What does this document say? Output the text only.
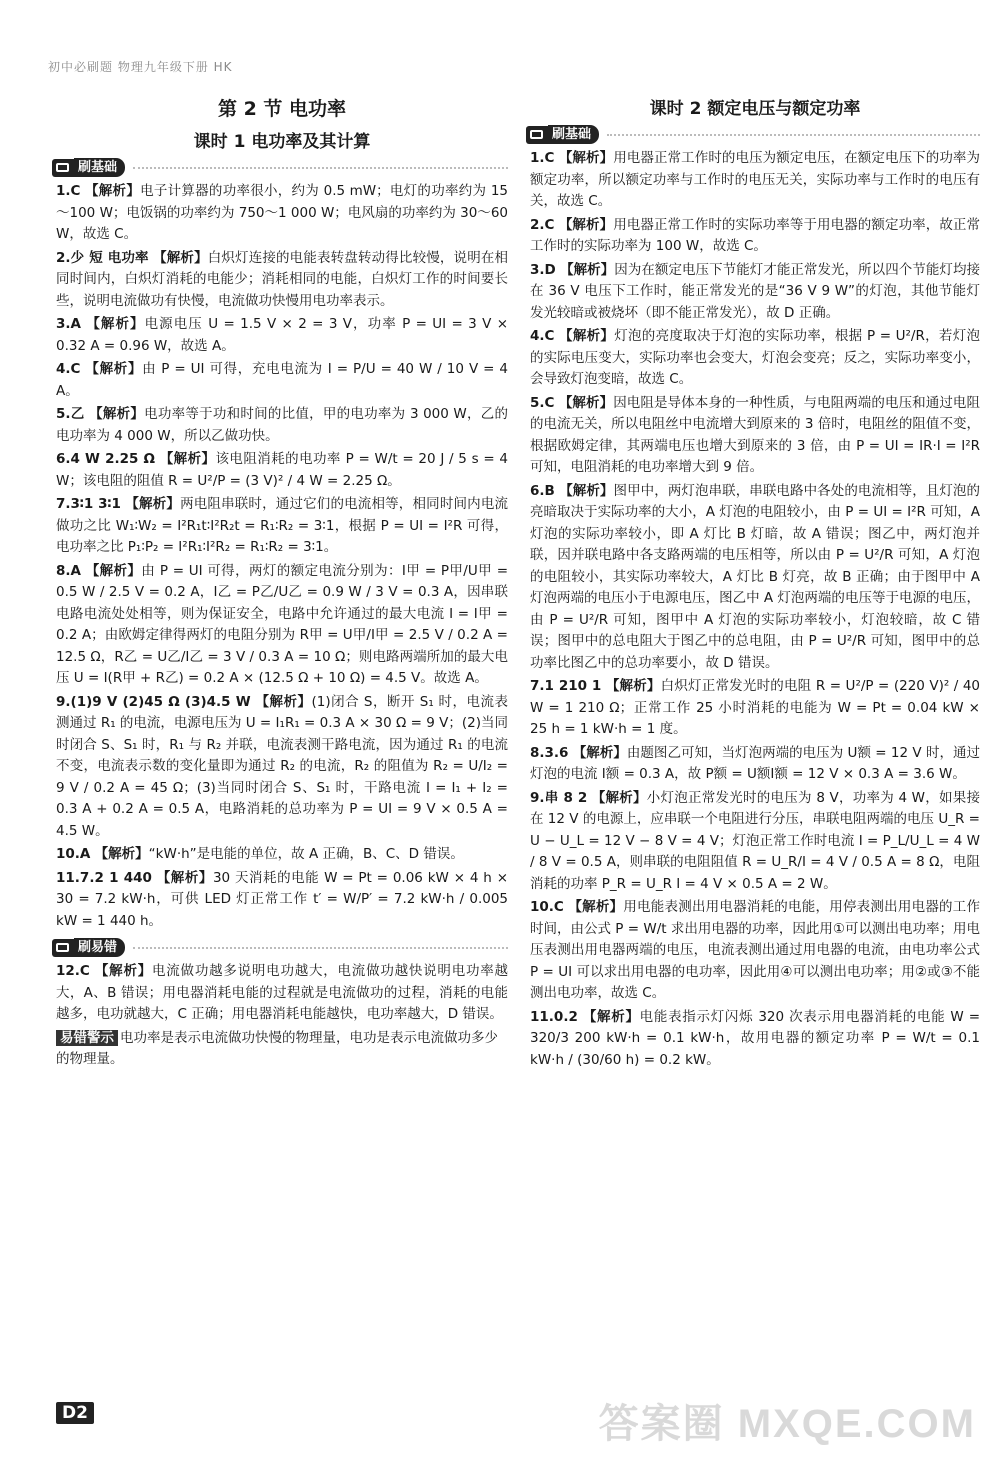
初中必刷题 物理九年级下册 HK
第 2 节 电功率
课时 1 电功率及其计算
刷基础
1.C 【解析】电子计算器的功率很小，约为 0.5 mW；电灯的功率约为 15～100 W；电饭锅的功率约为 750～1 000 W；电风扇的功率约为 30～60 W，故选 C。
2.少 短 电功率 【解析】白炽灯连接的电能表转盘转动得比较慢，说明在相同时间内，白炽灯消耗的电能少；消耗相同的电能，白炽灯工作的时间要长些，说明电流做功有快慢，电流做功快慢用电功率表示。
3.A 【解析】电源电压 U = 1.5 V × 2 = 3 V，功率 P = UI = 3 V × 0.32 A = 0.96 W，故选 A。
4.C 【解析】由 P = UI 可得，充电电流为 I = P/U = 40 W / 10 V = 4 A。
5.乙 【解析】电功率等于功和时间的比值，甲的电功率为 3 000 W，乙的电功率为 4 000 W，所以乙做功快。
6.4 W 2.25 Ω 【解析】该电阻消耗的电功率 P = W/t = 20 J / 5 s = 4 W；该电阻的阻值 R = U²/P = (3 V)² / 4 W = 2.25 Ω。
7.3∶1 3∶1 【解析】两电阻串联时，通过它们的电流相等，相同时间内电流做功之比 W₁∶W₂ = I²R₁t∶I²R₂t = R₁∶R₂ = 3∶1，根据 P = UI = I²R 可得，电功率之比 P₁∶P₂ = I²R₁∶I²R₂ = R₁∶R₂ = 3∶1。
8.A 【解析】由 P = UI 可得，两灯的额定电流分别为：I甲 = P甲/U甲 = 0.5 W / 2.5 V = 0.2 A，I乙 = P乙/U乙 = 0.9 W / 3 V = 0.3 A，因串联电路电流处处相等，则为保证安全，电路中允许通过的最大电流 I = I甲 = 0.2 A；由欧姆定律得两灯的电阻分别为 R甲 = U甲/I甲 = 2.5 V / 0.2 A = 12.5 Ω，R乙 = U乙/I乙 = 3 V / 0.3 A = 10 Ω；则电路两端所加的最大电压 U = I(R甲 + R乙) = 0.2 A × (12.5 Ω + 10 Ω) = 4.5 V。故选 A。
9.(1)9 V (2)45 Ω (3)4.5 W 【解析】(1)闭合 S，断开 S₁ 时，电流表测通过 R₁ 的电流，电源电压为 U = I₁R₁ = 0.3 A × 30 Ω = 9 V；(2)当同时闭合 S、S₁ 时，R₁ 与 R₂ 并联，电流表测干路电流，因为通过 R₁ 的电流不变，电流表示数的变化量即为通过 R₂ 的电流，R₂ 的阻值为 R₂ = U/I₂ = 9 V / 0.2 A = 45 Ω；(3)当同时闭合 S、S₁ 时，干路电流 I = I₁ + I₂ = 0.3 A + 0.2 A = 0.5 A，电路消耗的总功率为 P = UI = 9 V × 0.5 A = 4.5 W。
10.A 【解析】“kW·h”是电能的单位，故 A 正确，B、C、D 错误。
11.7.2 1 440 【解析】30 天消耗的电能 W = Pt = 0.06 kW × 4 h × 30 = 7.2 kW·h，可供 LED 灯正常工作 t′ = W/P′ = 7.2 kW·h / 0.005 kW = 1 440 h。
刷易错
12.C 【解析】电流做功越多说明电功越大，电流做功越快说明电功率越大，A、B 错误；用电器消耗电能的过程就是电流做功的过程，消耗的电能越多，电功就越大，C 正确；用电器消耗电能越快，电功率越大，D 错误。
易错警示 电功率是表示电流做功快慢的物理量，电功是表示电流做功多少的物理量。
课时 2 额定电压与额定功率
刷基础
1.C 【解析】用电器正常工作时的电压为额定电压，在额定电压下的功率为额定功率，所以额定功率与工作时的电压无关，实际功率与工作时的电压有关，故选 C。
2.C 【解析】用电器正常工作时的实际功率等于用电器的额定功率，故正常工作时的实际功率为 100 W，故选 C。
3.D 【解析】因为在额定电压下节能灯才能正常发光，所以四个节能灯均接在 36 V 电压下工作时，能正常发光的是“36 V 9 W”的灯泡，其他节能灯发光较暗或被烧坏（即不能正常发光），故 D 正确。
4.C 【解析】灯泡的亮度取决于灯泡的实际功率，根据 P = U²/R，若灯泡的实际电压变大，实际功率也会变大，灯泡会变亮；反之，实际功率变小，会导致灯泡变暗，故选 C。
5.C 【解析】因电阻是导体本身的一种性质，与电阻两端的电压和通过电阻的电流无关，所以电阻丝中电流增大到原来的 3 倍时，电阻丝的阻值不变，根据欧姆定律，其两端电压也增大到原来的 3 倍，由 P = UI = IR·I = I²R 可知，电阻消耗的电功率增大到 9 倍。
6.B 【解析】图甲中，两灯泡串联，串联电路中各处的电流相等，且灯泡的亮暗取决于实际功率的大小，A 灯泡的电阻较小，由 P = UI = I²R 可知，A 灯泡的实际功率较小，即 A 灯比 B 灯暗，故 A 错误；图乙中，两灯泡并联，因并联电路中各支路两端的电压相等，所以由 P = U²/R 可知，A 灯泡的电阻较小，其实际功率较大，A 灯比 B 灯亮，故 B 正确；由于图甲中 A 灯泡两端的电压小于电源电压，图乙中 A 灯泡两端的电压等于电源的电压，由 P = U²/R 可知，图甲中 A 灯泡的实际功率较小，灯泡较暗，故 C 错误；图甲中的总电阻大于图乙中的总电阻，由 P = U²/R 可知，图甲中的总功率比图乙中的总功率要小，故 D 错误。
7.1 210 1 【解析】白炽灯正常发光时的电阻 R = U²/P = (220 V)² / 40 W = 1 210 Ω；正常工作 25 小时消耗的电能为 W = Pt = 0.04 kW × 25 h = 1 kW·h = 1 度。
8.3.6 【解析】由题图乙可知，当灯泡两端的电压为 U额 = 12 V 时，通过灯泡的电流 I额 = 0.3 A，故 P额 = U额I额 = 12 V × 0.3 A = 3.6 W。
9.串 8 2 【解析】小灯泡正常发光时的电压为 8 V，功率为 4 W，如果接在 12 V 的电源上，应串联一个电阻进行分压，串联电阻两端的电压 U_R = U − U_L = 12 V − 8 V = 4 V；灯泡正常工作时电流 I = P_L/U_L = 4 W / 8 V = 0.5 A，则串联的电阻阻值 R = U_R/I = 4 V / 0.5 A = 8 Ω，电阻消耗的功率 P_R = U_R I = 4 V × 0.5 A = 2 W。
10.C 【解析】用电能表测出用电器消耗的电能，用停表测出用电器的工作时间，由公式 P = W/t 求出用电器的功率，因此用①可以测出电功率；用电压表测出用电器两端的电压，电流表测出通过用电器的电流，由电功率公式 P = UI 可以求出用电器的电功率，因此用④可以测出电功率；用②或③不能测出电功率，故选 C。
11.0.2 【解析】电能表指示灯闪烁 320 次表示用电器消耗的电能 W = 320/3 200 kW·h = 0.1 kW·h，故用电器的额定功率 P = W/t = 0.1 kW·h / (30/60 h) = 0.2 kW。
D2	答案圈 MXQE.COM
